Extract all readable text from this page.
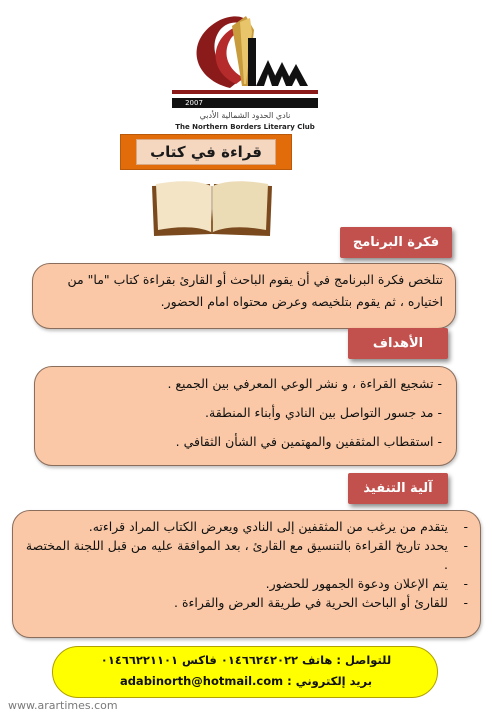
2007
نادي الحدود الشمالية الأدبي
The Northern Borders Literary Club
قراءة في كتاب
فكرة البرنامج
تتلخص فكرة البرنامج في أن يقوم الباحث أو القارئ بقراءة كتاب "ما" من اختياره ، ثم يقوم بتلخيصه وعرض محتواه امام الحضور.
الأهداف
- تشجيع القراءة ، و نشر الوعي المعرفي بين الجميع .
- مد جسور التواصل بين النادي وأبناء المنطقة.
- استقطاب المثقفين والمهتمين في الشأن الثقافي .
آلية التنفيذ
-
يتقدم من يرغب من المثقفين إلى النادي ويعرض الكتاب المراد قراءته.
-
يحدد تاريخ القراءة بالتنسيق مع القارئ ، بعد الموافقة عليه من قبل اللجنة المختصة .
-
يتم الإعلان ودعوة الجمهور للحضور.
-
للقارئ أو الباحث الحرية في طريقة العرض والقراءة .
للتواصل : هاتف ٠١٤٦٦٢٤٢٠٢٢ فاكس ٠١٤٦٦٢٢١١٠١
بريد إلكتروني : adabinorth@hotmail.com
www.arartimes.com
